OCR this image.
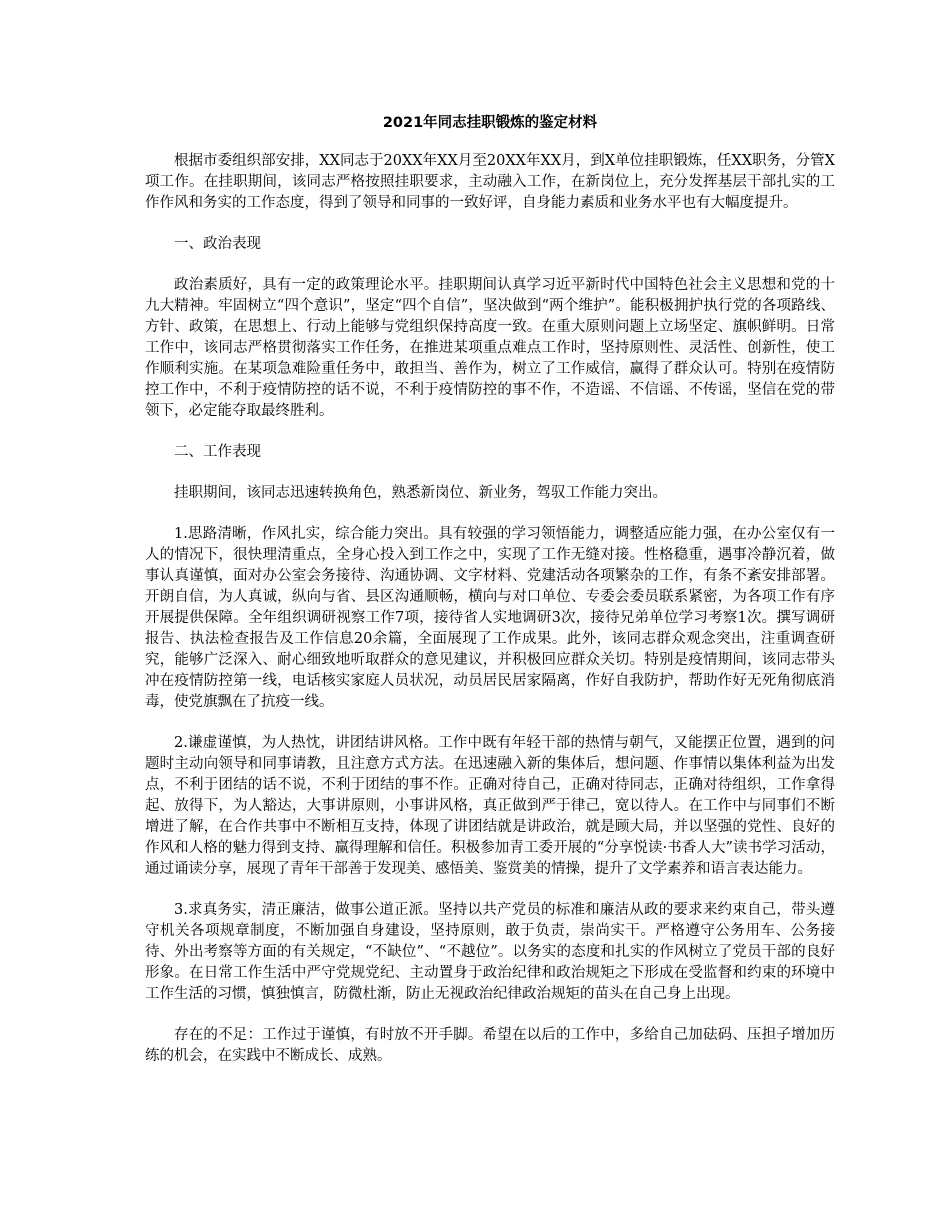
2021年同志挂职锻炼的鉴定材料

根据市委组织部安排，XX同志于20XX年XX月至20XX年XX月，到X单位挂职锻炼，任XX职务，分管X项工作。在挂职期间，该同志严格按照挂职要求，主动融入工作，在新岗位上，充分发挥基层干部扎实的工作作风和务实的工作态度，得到了领导和同事的一致好评，自身能力素质和业务水平也有大幅度提升。

一、政治表现

政治素质好，具有一定的政策理论水平。挂职期间认真学习近平新时代中国特色社会主义思想和党的十九大精神。牢固树立“四个意识”，坚定“四个自信”，坚决做到“两个维护”。能积极拥护执行党的各项路线、方针、政策，在思想上、行动上能够与党组织保持高度一致。在重大原则问题上立场坚定、旗帜鲜明。日常工作中，该同志严格贯彻落实工作任务，在推进某项重点难点工作时，坚持原则性、灵活性、创新性，使工作顺利实施。在某项急难险重任务中，敢担当、善作为，树立了工作威信，赢得了群众认可。特别在疫情防控工作中，不利于疫情防控的话不说，不利于疫情防控的事不作，不造谣、不信谣、不传谣，坚信在党的带领下，必定能夺取最终胜利。

二、工作表现

挂职期间，该同志迅速转换角色，熟悉新岗位、新业务，驾驭工作能力突出。

1.思路清晰，作风扎实，综合能力突出。具有较强的学习领悟能力，调整适应能力强，在办公室仅有一人的情况下，很快理清重点，全身心投入到工作之中，实现了工作无缝对接。性格稳重，遇事冷静沉着，做事认真谨慎，面对办公室会务接待、沟通协调、文字材料、党建活动各项繁杂的工作，有条不紊安排部署。开朗自信，为人真诚，纵向与省、县区沟通顺畅，横向与对口单位、专委会委员联系紧密，为各项工作有序开展提供保障。全年组织调研视察工作7项，接待省人实地调研3次，接待兄弟单位学习考察1次。撰写调研报告、执法检查报告及工作信息20余篇，全面展现了工作成果。此外，该同志群众观念突出，注重调查研究，能够广泛深入、耐心细致地听取群众的意见建议，并积极回应群众关切。特别是疫情期间，该同志带头冲在疫情防控第一线，电话核实家庭人员状况，动员居民居家隔离，作好自我防护，帮助作好无死角彻底消毒，使党旗飘在了抗疫一线。

2.谦虚谨慎，为人热忱，讲团结讲风格。工作中既有年轻干部的热情与朝气，又能摆正位置，遇到的问题时主动向领导和同事请教，且注意方式方法。在迅速融入新的集体后，想问题、作事情以集体利益为出发点，不利于团结的话不说，不利于团结的事不作。正确对待自己，正确对待同志，正确对待组织，工作拿得起、放得下，为人豁达，大事讲原则，小事讲风格，真正做到严于律己，宽以待人。在工作中与同事们不断增进了解，在合作共事中不断相互支持，体现了讲团结就是讲政治，就是顾大局，并以坚强的党性、良好的作风和人格的魅力得到支持、赢得理解和信任。积极参加青工委开展的“分享悦读·书香人大”读书学习活动，通过诵读分享，展现了青年干部善于发现美、感悟美、鉴赏美的情操，提升了文学素养和语言表达能力。

3.求真务实，清正廉洁，做事公道正派。坚持以共产党员的标准和廉洁从政的要求来约束自己，带头遵守机关各项规章制度，不断加强自身建设，坚持原则，敢于负责，崇尚实干。严格遵守公务用车、公务接待、外出考察等方面的有关规定，“不缺位”、“不越位”。以务实的态度和扎实的作风树立了党员干部的良好形象。在日常工作生活中严守党规党纪、主动置身于政治纪律和政治规矩之下形成在受监督和约束的环境中工作生活的习惯，慎独慎言，防微杜渐，防止无视政治纪律政治规矩的苗头在自己身上出现。

存在的不足：工作过于谨慎，有时放不开手脚。希望在以后的工作中，多给自己加砝码、压担子增加历练的机会，在实践中不断成长、成熟。
